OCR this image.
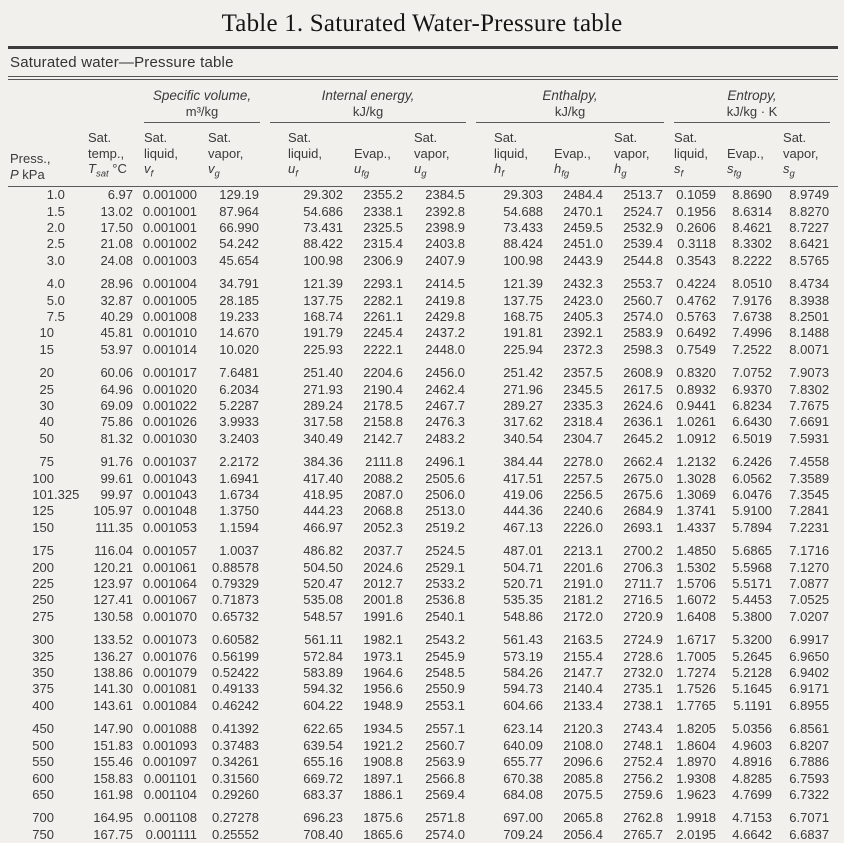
Table 1. Saturated Water-Pressure table
Saturated water—Pressure table

Specific volume,
m³/kg

Internal energy,
kJ/kg

Enthalpy,
kJ/kg

Entropy,
kJ/kg · K

Press.,
P kPa

Sat.
temp.,
$T_{sat}$ °C

Sat.
liquid,
$v_f$

Sat.
vapor,
$v_g$

Sat.
liquid,
$u_f$

Evap.,
$u_{fg}$

Sat.
vapor,
$u_g$

Sat.
liquid,
$h_f$

Evap.,
$h_{fg}$

Sat.
vapor,
$h_g$

Sat.
liquid,
$s_f$

Evap.,
$s_{fg}$

Sat.
vapor,
$s_g$

1.0	6.97	0.001000	129.19	29.302	2355.2	2384.5	29.303	2484.4	2513.7	0.1059	8.8690	8.9749
1.5	13.02	0.001001	87.964	54.686	2338.1	2392.8	54.688	2470.1	2524.7	0.1956	8.6314	8.8270
2.0	17.50	0.001001	66.990	73.431	2325.5	2398.9	73.433	2459.5	2532.9	0.2606	8.4621	8.7227
2.5	21.08	0.001002	54.242	88.422	2315.4	2403.8	88.424	2451.0	2539.4	0.3118	8.3302	8.6421
3.0	24.08	0.001003	45.654	100.98	2306.9	2407.9	100.98	2443.9	2544.8	0.3543	8.2222	8.5765

4.0	28.96	0.001004	34.791	121.39	2293.1	2414.5	121.39	2432.3	2553.7	0.4224	8.0510	8.4734
5.0	32.87	0.001005	28.185	137.75	2282.1	2419.8	137.75	2423.0	2560.7	0.4762	7.9176	8.3938
7.5	40.29	0.001008	19.233	168.74	2261.1	2429.8	168.75	2405.3	2574.0	0.5763	7.6738	8.2501
10	45.81	0.001010	14.670	191.79	2245.4	2437.2	191.81	2392.1	2583.9	0.6492	7.4996	8.1488
15	53.97	0.001014	10.020	225.93	2222.1	2448.0	225.94	2372.3	2598.3	0.7549	7.2522	8.0071

20	60.06	0.001017	7.6481	251.40	2204.6	2456.0	251.42	2357.5	2608.9	0.8320	7.0752	7.9073
25	64.96	0.001020	6.2034	271.93	2190.4	2462.4	271.96	2345.5	2617.5	0.8932	6.9370	7.8302
30	69.09	0.001022	5.2287	289.24	2178.5	2467.7	289.27	2335.3	2624.6	0.9441	6.8234	7.7675
40	75.86	0.001026	3.9933	317.58	2158.8	2476.3	317.62	2318.4	2636.1	1.0261	6.6430	7.6691
50	81.32	0.001030	3.2403	340.49	2142.7	2483.2	340.54	2304.7	2645.2	1.0912	6.5019	7.5931

75	91.76	0.001037	2.2172	384.36	2111.8	2496.1	384.44	2278.0	2662.4	1.2132	6.2426	7.4558
100	99.61	0.001043	1.6941	417.40	2088.2	2505.6	417.51	2257.5	2675.0	1.3028	6.0562	7.3589
101.325	99.97	0.001043	1.6734	418.95	2087.0	2506.0	419.06	2256.5	2675.6	1.3069	6.0476	7.3545
125	105.97	0.001048	1.3750	444.23	2068.8	2513.0	444.36	2240.6	2684.9	1.3741	5.9100	7.2841
150	111.35	0.001053	1.1594	466.97	2052.3	2519.2	467.13	2226.0	2693.1	1.4337	5.7894	7.2231

175	116.04	0.001057	1.0037	486.82	2037.7	2524.5	487.01	2213.1	2700.2	1.4850	5.6865	7.1716
200	120.21	0.001061	0.88578	504.50	2024.6	2529.1	504.71	2201.6	2706.3	1.5302	5.5968	7.1270
225	123.97	0.001064	0.79329	520.47	2012.7	2533.2	520.71	2191.0	2711.7	1.5706	5.5171	7.0877
250	127.41	0.001067	0.71873	535.08	2001.8	2536.8	535.35	2181.2	2716.5	1.6072	5.4453	7.0525
275	130.58	0.001070	0.65732	548.57	1991.6	2540.1	548.86	2172.0	2720.9	1.6408	5.3800	7.0207

300	133.52	0.001073	0.60582	561.11	1982.1	2543.2	561.43	2163.5	2724.9	1.6717	5.3200	6.9917
325	136.27	0.001076	0.56199	572.84	1973.1	2545.9	573.19	2155.4	2728.6	1.7005	5.2645	6.9650
350	138.86	0.001079	0.52422	583.89	1964.6	2548.5	584.26	2147.7	2732.0	1.7274	5.2128	6.9402
375	141.30	0.001081	0.49133	594.32	1956.6	2550.9	594.73	2140.4	2735.1	1.7526	5.1645	6.9171
400	143.61	0.001084	0.46242	604.22	1948.9	2553.1	604.66	2133.4	2738.1	1.7765	5.1191	6.8955

450	147.90	0.001088	0.41392	622.65	1934.5	2557.1	623.14	2120.3	2743.4	1.8205	5.0356	6.8561
500	151.83	0.001093	0.37483	639.54	1921.2	2560.7	640.09	2108.0	2748.1	1.8604	4.9603	6.8207
550	155.46	0.001097	0.34261	655.16	1908.8	2563.9	655.77	2096.6	2752.4	1.8970	4.8916	6.7886
600	158.83	0.001101	0.31560	669.72	1897.1	2566.8	670.38	2085.8	2756.2	1.9308	4.8285	6.7593
650	161.98	0.001104	0.29260	683.37	1886.1	2569.4	684.08	2075.5	2759.6	1.9623	4.7699	6.7322

700	164.95	0.001108	0.27278	696.23	1875.6	2571.8	697.00	2065.8	2762.8	1.9918	4.7153	6.7071
750	167.75	0.001111	0.25552	708.40	1865.6	2574.0	709.24	2056.4	2765.7	2.0195	4.6642	6.6837
